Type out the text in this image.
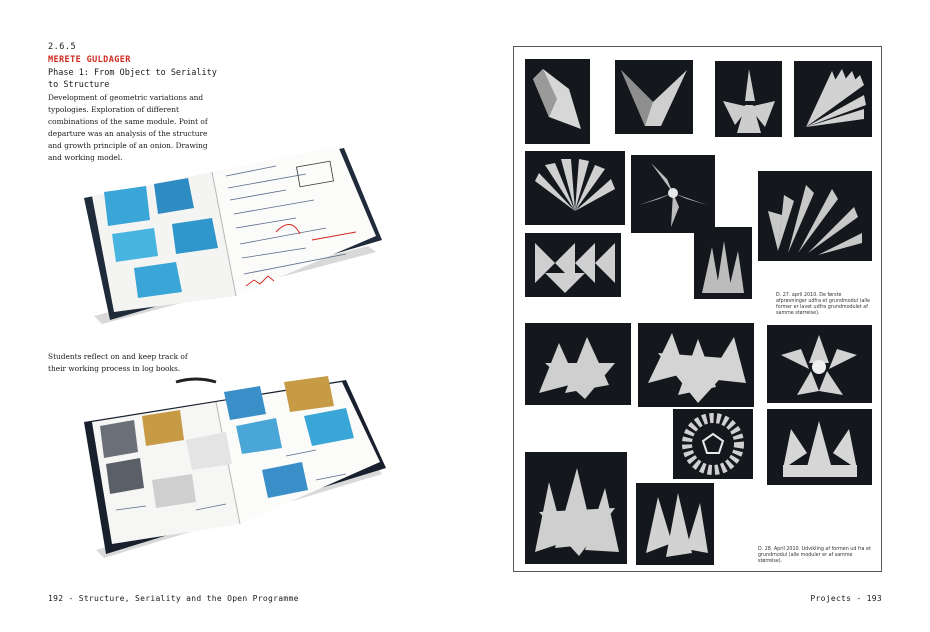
2.6.5
MERETE GULDAGER
Phase 1: From Object to Seriality to Structure
Development of geometric variations and typologies. Exploration of different combinations of the same module. Point of departure was an analysis of the structure and growth principle of an onion. Drawing and working model.
Students reflect on and keep track of their working process in log books.
192 - Structure, Seriality and the Open Programme
D. 27. april 2010. De første afprøvninger udfra et grundmodul (alle former er lavet udfra grundmodulet af samme størrelse).
D. 28. April 2010. Udvikling af formen ud fra et grundmodul (alle moduler er af samme størrelse).
Projects - 193
